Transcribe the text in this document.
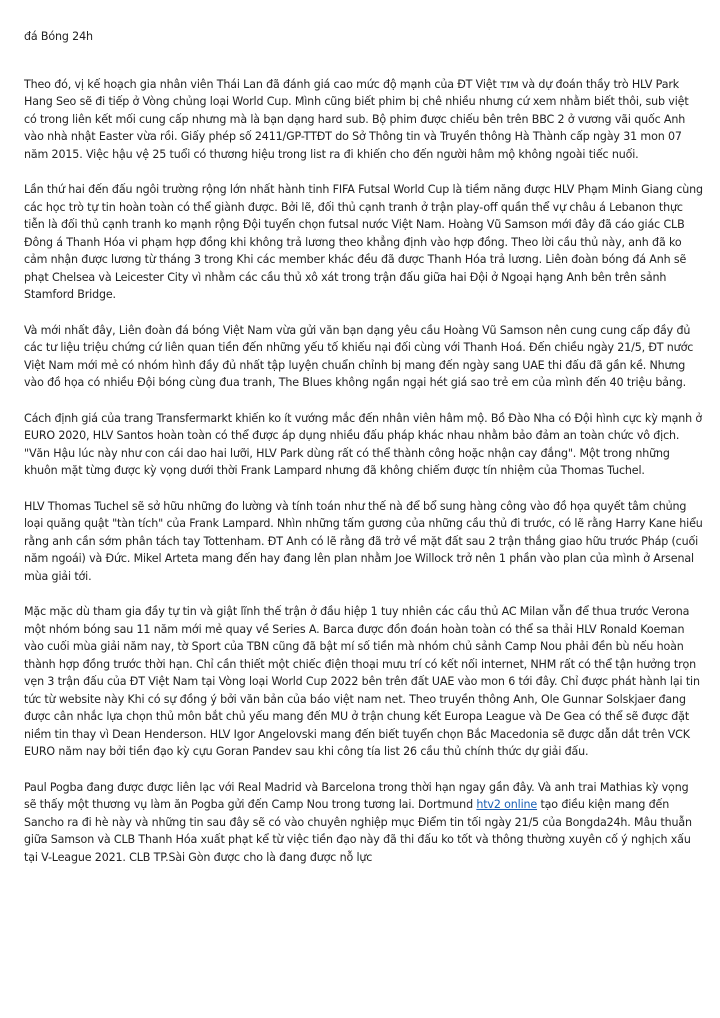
đá Bóng 24h

Theo đó, vị kế hoạch gia nhân viên Thái Lan đã đánh giá cao mức độ mạnh của ĐT Việt ᴛɪᴍ và dự đoán thầy trò HLV Park Hang Seo sẽ đi tiếp ở Vòng chủng loại World Cup. Mình cũng biết phim bị chê nhiều nhưng cứ xem nhằm biết thôi, sub việt có trong liên kết mối cung cấp nhưng mà là bạn dạng hard sub. Bộ phim được chiếu bên trên BBC 2 ở vương vãi quốc Anh vào nhà nhật Easter vừa rồi. Giấy phép số 2411/GP-TTĐT do Sở Thông tin và Truyền thông Hà Thành cấp ngày 31 mon 07 năm 2015. Việc hậu vệ 25 tuổi có thương hiệu trong list ra đi khiến cho đến người hâm mộ không ngoài tiếc nuối.

Lần thứ hai đến đấu ngôi trường rộng lớn nhất hành tinh FIFA Futsal World Cup là tiềm năng được HLV Phạm Minh Giang cùng các học trò tự tin hoàn toàn có thể giành được. Bởi lẽ, đối thủ cạnh tranh ở trận play-off quần thể vự châu á Lebanon thực tiễn là đối thủ cạnh tranh ko mạnh rộng Đội tuyển chọn futsal nước Việt Nam. Hoàng Vũ Samson mới đây đã cáo giác CLB Đông á Thanh Hóa vi phạm hợp đồng khi không trả lương theo khẳng định vào hợp đồng. Theo lời cầu thủ này, anh đã ko cảm nhận được lương từ tháng 3 trong Khi các member khác đều đã được Thanh Hóa trả lương. Liên đoàn bóng đá Anh sẽ phạt Chelsea và Leicester City vì nhằm các cầu thủ xô xát trong trận đấu giữa hai Đội ở Ngoại hạng Anh bên trên sảnh Stamford Bridge.

Và mới nhất đây, Liên đoàn đá bóng Việt Nam vừa gửi văn bạn dạng yêu cầu Hoàng Vũ Samson nên cung cung cấp đầy đủ các tư liệu triệu chứng cứ liên quan tiền đến những yếu tố khiếu nại đối cùng với Thanh Hoá. Đến chiều ngày 21/5, ĐT nước Việt Nam mới mẻ có nhóm hình đầy đủ nhất tập luyện chuẩn chỉnh bị mang đến ngày sang UAE thi đấu đã gần kề. Nhưng vào đồ họa có nhiều Đội bóng cùng đua tranh, The Blues không ngần ngại hét giá sao trẻ em của mình đến 40 triệu bảng.

Cách định giá của trang Transfermarkt khiến ko ít vướng mắc đến nhân viên hâm mộ. Bồ Đào Nha có Đội hình cực kỳ mạnh ở EURO 2020, HLV Santos hoàn toàn có thể được áp dụng nhiều đấu pháp khác nhau nhằm bảo đảm an toàn chức vô địch. "Văn Hậu lúc này như con cái dao hai lưỡi, HLV Park dùng rất có thể thành công hoặc nhận cay đắng". Một trong những khuôn mặt từng được kỳ vọng dưới thời Frank Lampard nhưng đã không chiếm được tín nhiệm của Thomas Tuchel.

HLV Thomas Tuchel sẽ sở hữu những đo lường và tính toán như thế nà để bổ sung hàng công vào đồ họa quyết tâm chủng loại quăng quật "tàn tích" của Frank Lampard. Nhìn những tấm gương của những cầu thủ đi trước, có lẽ rằng Harry Kane hiểu rằng anh cần sớm phân tách tay Tottenham. ĐT Anh có lẽ rằng đã trở về mặt đất sau 2 trận thắng giao hữu trước Pháp (cuối năm ngoái) và Đức. Mikel Arteta mang đến hay đang lên plan nhằm Joe Willock trở nên 1 phần vào plan của mình ở Arsenal mùa giải tới.

Mặc mặc dù tham gia đầy tự tin và giật lĩnh thế trận ở đầu hiệp 1 tuy nhiên các cầu thủ AC Milan vẫn để thua trước Verona một nhóm bóng sau 11 năm mới mẻ quay về Series A. Barca được đồn đoán hoàn toàn có thể sa thải HLV Ronald Koeman vào cuối mùa giải năm nay, tờ Sport của TBN cũng đã bật mí số tiền mà nhóm chủ sảnh Camp Nou phải đền bù nếu hoàn thành hợp đồng trước thời hạn. Chỉ cần thiết một chiếc điện thoại mưu trí có kết nối internet, NHM rất có thể tận hưởng trọn vẹn 3 trận đấu của ĐT Việt Nam tại Vòng loại World Cup 2022 bên trên đất UAE vào mon 6 tới đây. Chỉ được phát hành lại tin tức từ website này Khi có sự đồng ý bởi văn bản của báo việt nam net. Theo truyền thông Anh, Ole Gunnar Solskjaer đang được cân nhắc lựa chọn thủ môn bắt chủ yếu mang đến MU ở trận chung kết Europa League và De Gea có thể sẽ được đặt niềm tin thay vì Dean Henderson. HLV Igor Angelovski mang đến biết tuyển chọn Bắc Macedonia sẽ được dẫn dắt trên VCK EURO năm nay bởi tiền đạo kỳ cựu Goran Pandev sau khi công tía list 26 cầu thủ chính thức dự giải đấu.

Paul Pogba đang được được liên lạc với Real Madrid và Barcelona trong thời hạn ngay gần đây. Và anh trai Mathias kỳ vọng sẽ thấy một thương vụ làm ăn Pogba gửi đến Camp Nou trong tương lai. Dortmund htv2 online tạo điều kiện mang đến Sancho ra đi hè này và những tin sau đây sẽ có vào chuyên nghiệp mục Điểm tin tối ngày 21/5 của Bongda24h. Mâu thuẫn giữa Samson và CLB Thanh Hóa xuất phạt kể từ việc tiền đạo này đã thi đấu ko tốt và thông thường xuyên cố ý nghịch xấu tại V-League 2021. CLB TP.Sài Gòn được cho là đang được nỗ lực
